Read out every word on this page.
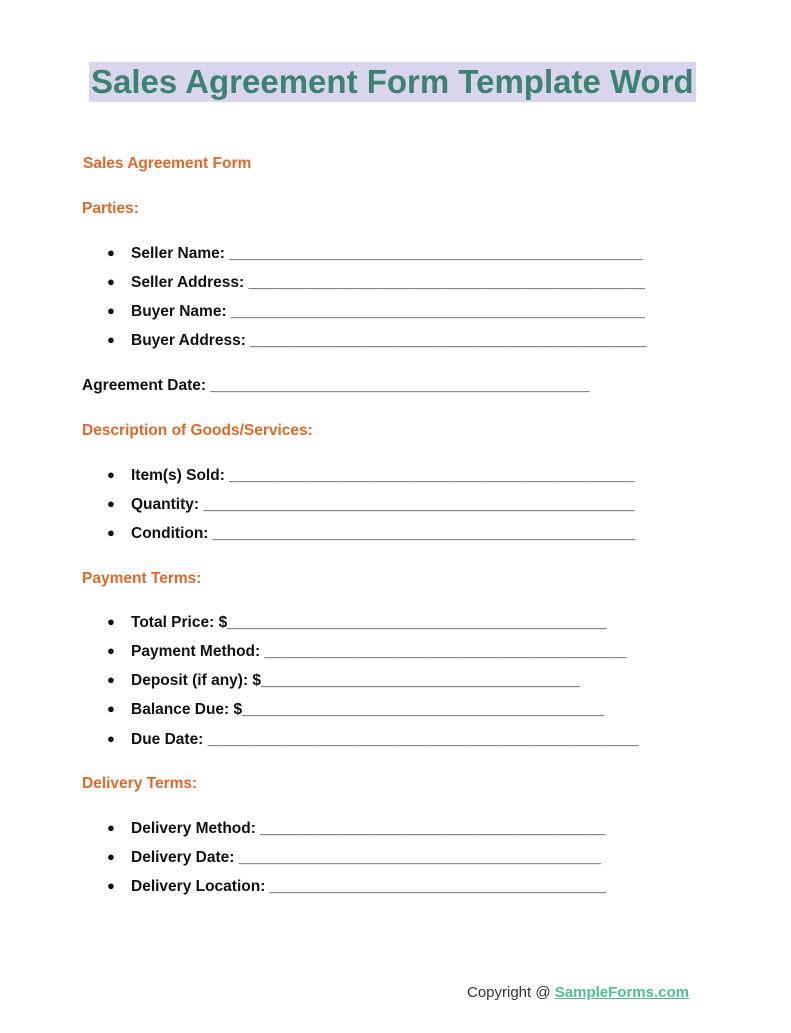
Sales Agreement Form Template Word
Sales Agreement Form
Parties:
● Seller Name: ________________________________________________
● Seller Address: ______________________________________________
● Buyer Name: ________________________________________________
● Buyer Address: ______________________________________________
Agreement Date: ____________________________________________
Description of Goods/Services:
● Item(s) Sold: _______________________________________________
● Quantity: __________________________________________________
● Condition: _________________________________________________
Payment Terms:
● Total Price: $____________________________________________
● Payment Method: __________________________________________
● Deposit (if any): $_____________________________________
● Balance Due: $__________________________________________
● Due Date: __________________________________________________
Delivery Terms:
● Delivery Method: ________________________________________
● Delivery Date: __________________________________________
● Delivery Location: _______________________________________
Copyright @ SampleForms.com
